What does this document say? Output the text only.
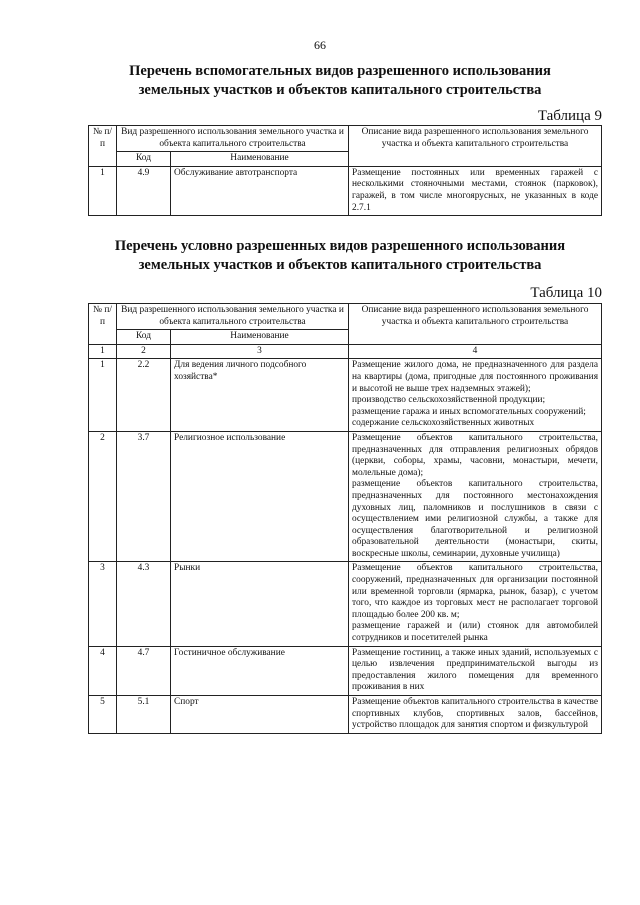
66
Перечень вспомогательных видов разрешенного использования
земельных участков и объектов капитального строительства
Таблица 9
№ п/п	Вид разрешенного использования земельного участка и объекта капитального строительства		Описание вида разрешенного использования земельного участка и объекта капитального строительства
	Код	Наименование	
1	4.9	Обслуживание автотранспорта	Размещение постоянных или временных гаражей с несколькими стояночными местами, стоянок (парковок), гаражей, в том числе многоярусных, не указанных в коде 2.7.1
Перечень условно разрешенных видов разрешенного использования
земельных участков и объектов капитального строительства
Таблица 10
№ п/п	Вид разрешенного использования земельного участка и объекта капитального строительства		Описание вида разрешенного использования земельного участка и объекта капитального строительства
	Код	Наименование	
1	2	3	4
1	2.2	Для ведения личного подсобного хозяйства*	Размещение жилого дома, не предназначенного для раздела на квартиры (дома, пригодные для постоянного проживания и высотой не выше трех надземных этажей);
производство сельскохозяйственной продукции;
размещение гаража и иных вспомогательных сооружений;
содержание сельскохозяйственных животных

2	3.7	Религиозное использование	Размещение объектов капитального строительства, предназначенных для отправления религиозных обрядов (церкви, соборы, храмы, часовни, монастыри, мечети, молельные дома);
размещение объектов капитального строительства, предназначенных для постоянного местонахождения духовных лиц, паломников и послушников в связи с осуществлением ими религиозной службы, а также для осуществления благотворительной и религиозной образовательной деятельности (монастыри, скиты, воскресные школы, семинарии, духовные училища)

3	4.3	Рынки	Размещение объектов капитального строительства, сооружений, предназначенных для организации постоянной или временной торговли (ярмарка, рынок, базар), с учетом того, что каждое из торговых мест не располагает торговой площадью более 200 кв. м;
размещение гаражей и (или) стоянок для автомобилей сотрудников и посетителей рынка

4	4.7	Гостиничное обслуживание	Размещение гостиниц, а также иных зданий, используемых с целью извлечения предпринимательской выгоды из предоставления жилого помещения для временного проживания в них

5	5.1	Спорт	Размещение объектов капитального строительства в качестве спортивных клубов, спортивных залов, бассейнов, устройство площадок для занятия спортом и физкультурой
